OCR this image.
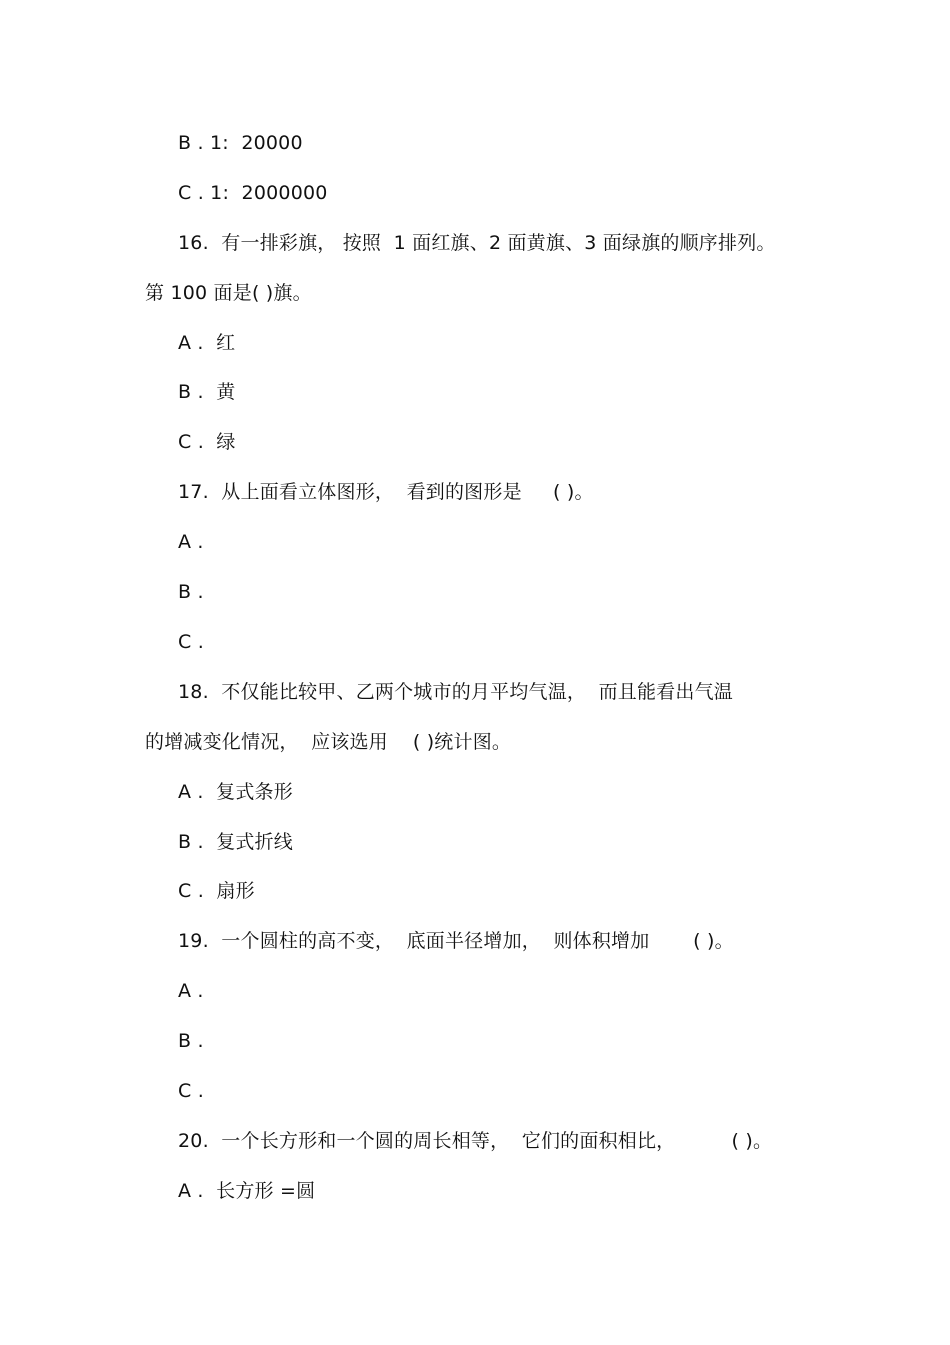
B . 1:  20000
C . 1:  2000000
16.  有一排彩旗， 按照  1 面红旗、2 面黄旗、3 面绿旗的顺序排列。
第 100 面是( )旗。
A .  红
B .  黄
C .  绿
17.  从上面看立体图形，  看到的图形是     ( )。
A .
B .
C .
18.  不仅能比较甲、乙两个城市的月平均气温，  而且能看出气温
的增减变化情况，  应该选用    ( )统计图。
A .  复式条形
B .  复式折线
C .  扇形
19.  一个圆柱的高不变，  底面半径增加，  则体积增加       ( )。
A .
B .
C .
20.  一个长方形和一个圆的周长相等，  它们的面积相比，         ( )。
A .  长方形 =圆
